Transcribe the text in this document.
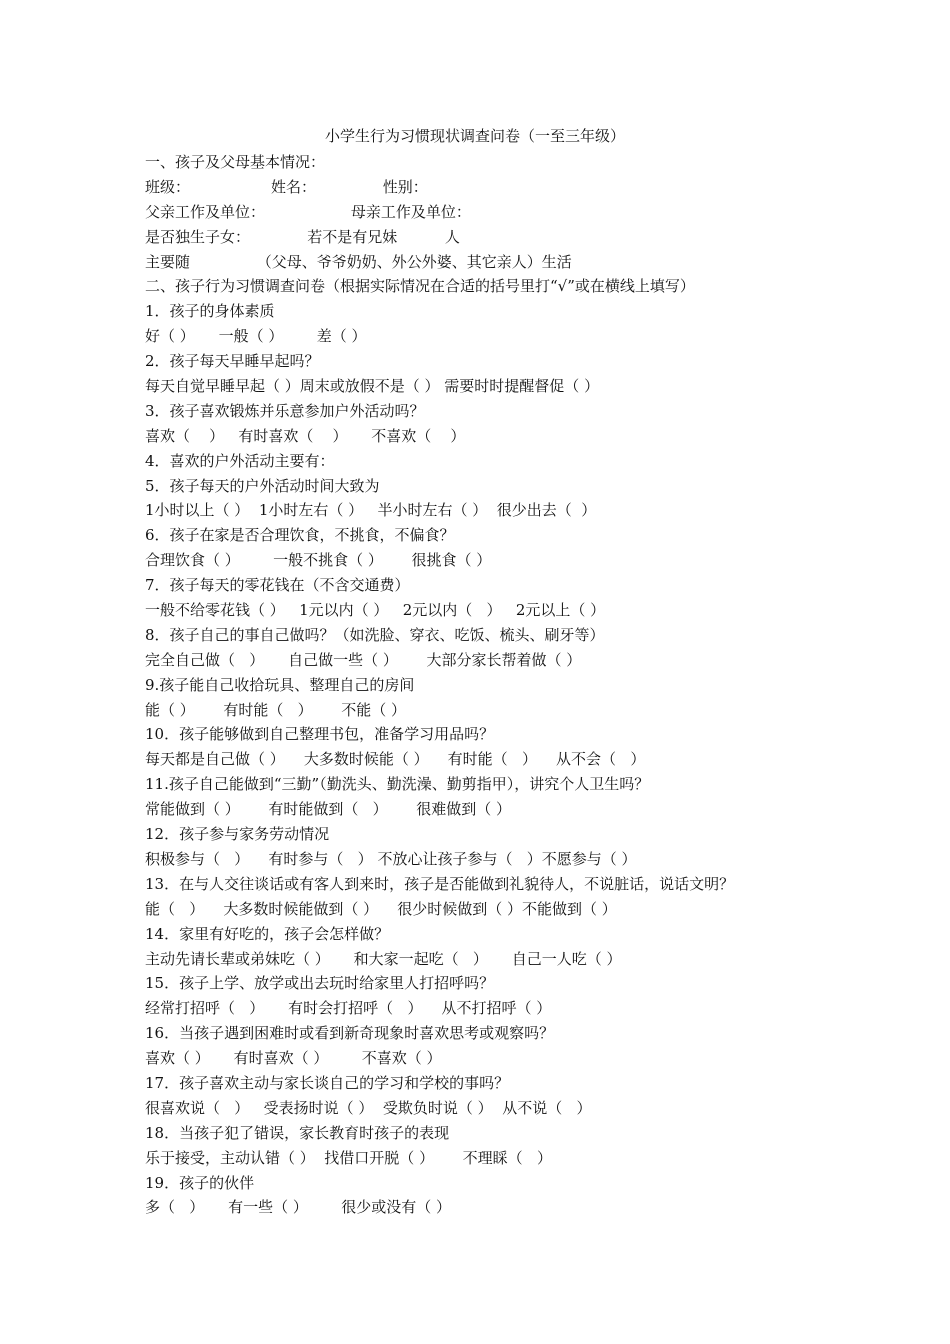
小学生行为习惯现状调查问卷（一至三年级）
一、孩子及父母基本情况：
班级：                 姓名：              性别：
父亲工作及单位：                  母亲工作及单位：
是否独生子女：            若不是有兄妹          人
主要随              （父母、爷爷奶奶、外公外婆、其它亲人）生活
二、孩子行为习惯调查问卷（根据实际情况在合适的括号里打“√”或在横线上填写）
1．孩子的身体素质
好（ ）     一般（ ）       差（ ）
2．孩子每天早睡早起吗？
每天自觉早睡早起（ ）周末或放假不是（ ） 需要时时提醒督促（ ）
3．孩子喜欢锻炼并乐意参加户外活动吗？
喜欢（    ）   有时喜欢（    ）     不喜欢（    ）
4．喜欢的户外活动主要有：
5．孩子每天的户外活动时间大致为
1小时以上（ ）  1小时左右（ ）   半小时左右（ ）  很少出去（  ）
6．孩子在家是否合理饮食，不挑食，不偏食？
合理饮食（ ）       一般不挑食（ ）      很挑食（ ）
7．孩子每天的零花钱在（不含交通费）
一般不给零花钱（ ）   1元以内（ ）   2元以内（   ）   2元以上（ ）
8．孩子自己的事自己做吗？（如洗脸、穿衣、吃饭、梳头、刷牙等）
完全自己做（   ）     自己做一些（ ）      大部分家长帮着做（ ）
9.孩子能自己收拾玩具、整理自己的房间
能（ ）      有时能（   ）      不能（ ）
10．孩子能够做到自己整理书包，准备学习用品吗？
每天都是自己做（ ）    大多数时候能（ ）    有时能（   ）    从不会（   ）
11.孩子自己能做到“三勤”（勤洗头、勤洗澡、勤剪指甲），讲究个人卫生吗？
常能做到（ ）      有时能做到（   ）      很难做到（ ）
12．孩子参与家务劳动情况
积极参与（   ）    有时参与（   ） 不放心让孩子参与（   ）不愿参与（ ）
13．在与人交往谈话或有客人到来时，孩子是否能做到礼貌待人，不说脏话，说话文明？
能（   ）    大多数时候能做到（ ）    很少时候做到（ ）不能做到（ ）
14．家里有好吃的，孩子会怎样做？
主动先请长辈或弟妹吃（ ）     和大家一起吃（   ）     自己一人吃（ ）
15．孩子上学、放学或出去玩时给家里人打招呼吗？
经常打招呼（   ）     有时会打招呼（   ）    从不打招呼（ ）
16．当孩子遇到困难时或看到新奇现象时喜欢思考或观察吗？
喜欢（ ）     有时喜欢（ ）       不喜欢（ ）
17．孩子喜欢主动与家长谈自己的学习和学校的事吗？
很喜欢说（   ）   受表扬时说（ ）  受欺负时说（ ）  从不说（   ）
18．当孩子犯了错误，家长教育时孩子的表现
乐于接受，主动认错（ ）  找借口开脱（ ）      不理睬（   ）
19．孩子的伙伴
多（   ）     有一些（ ）       很少或没有（ ）
